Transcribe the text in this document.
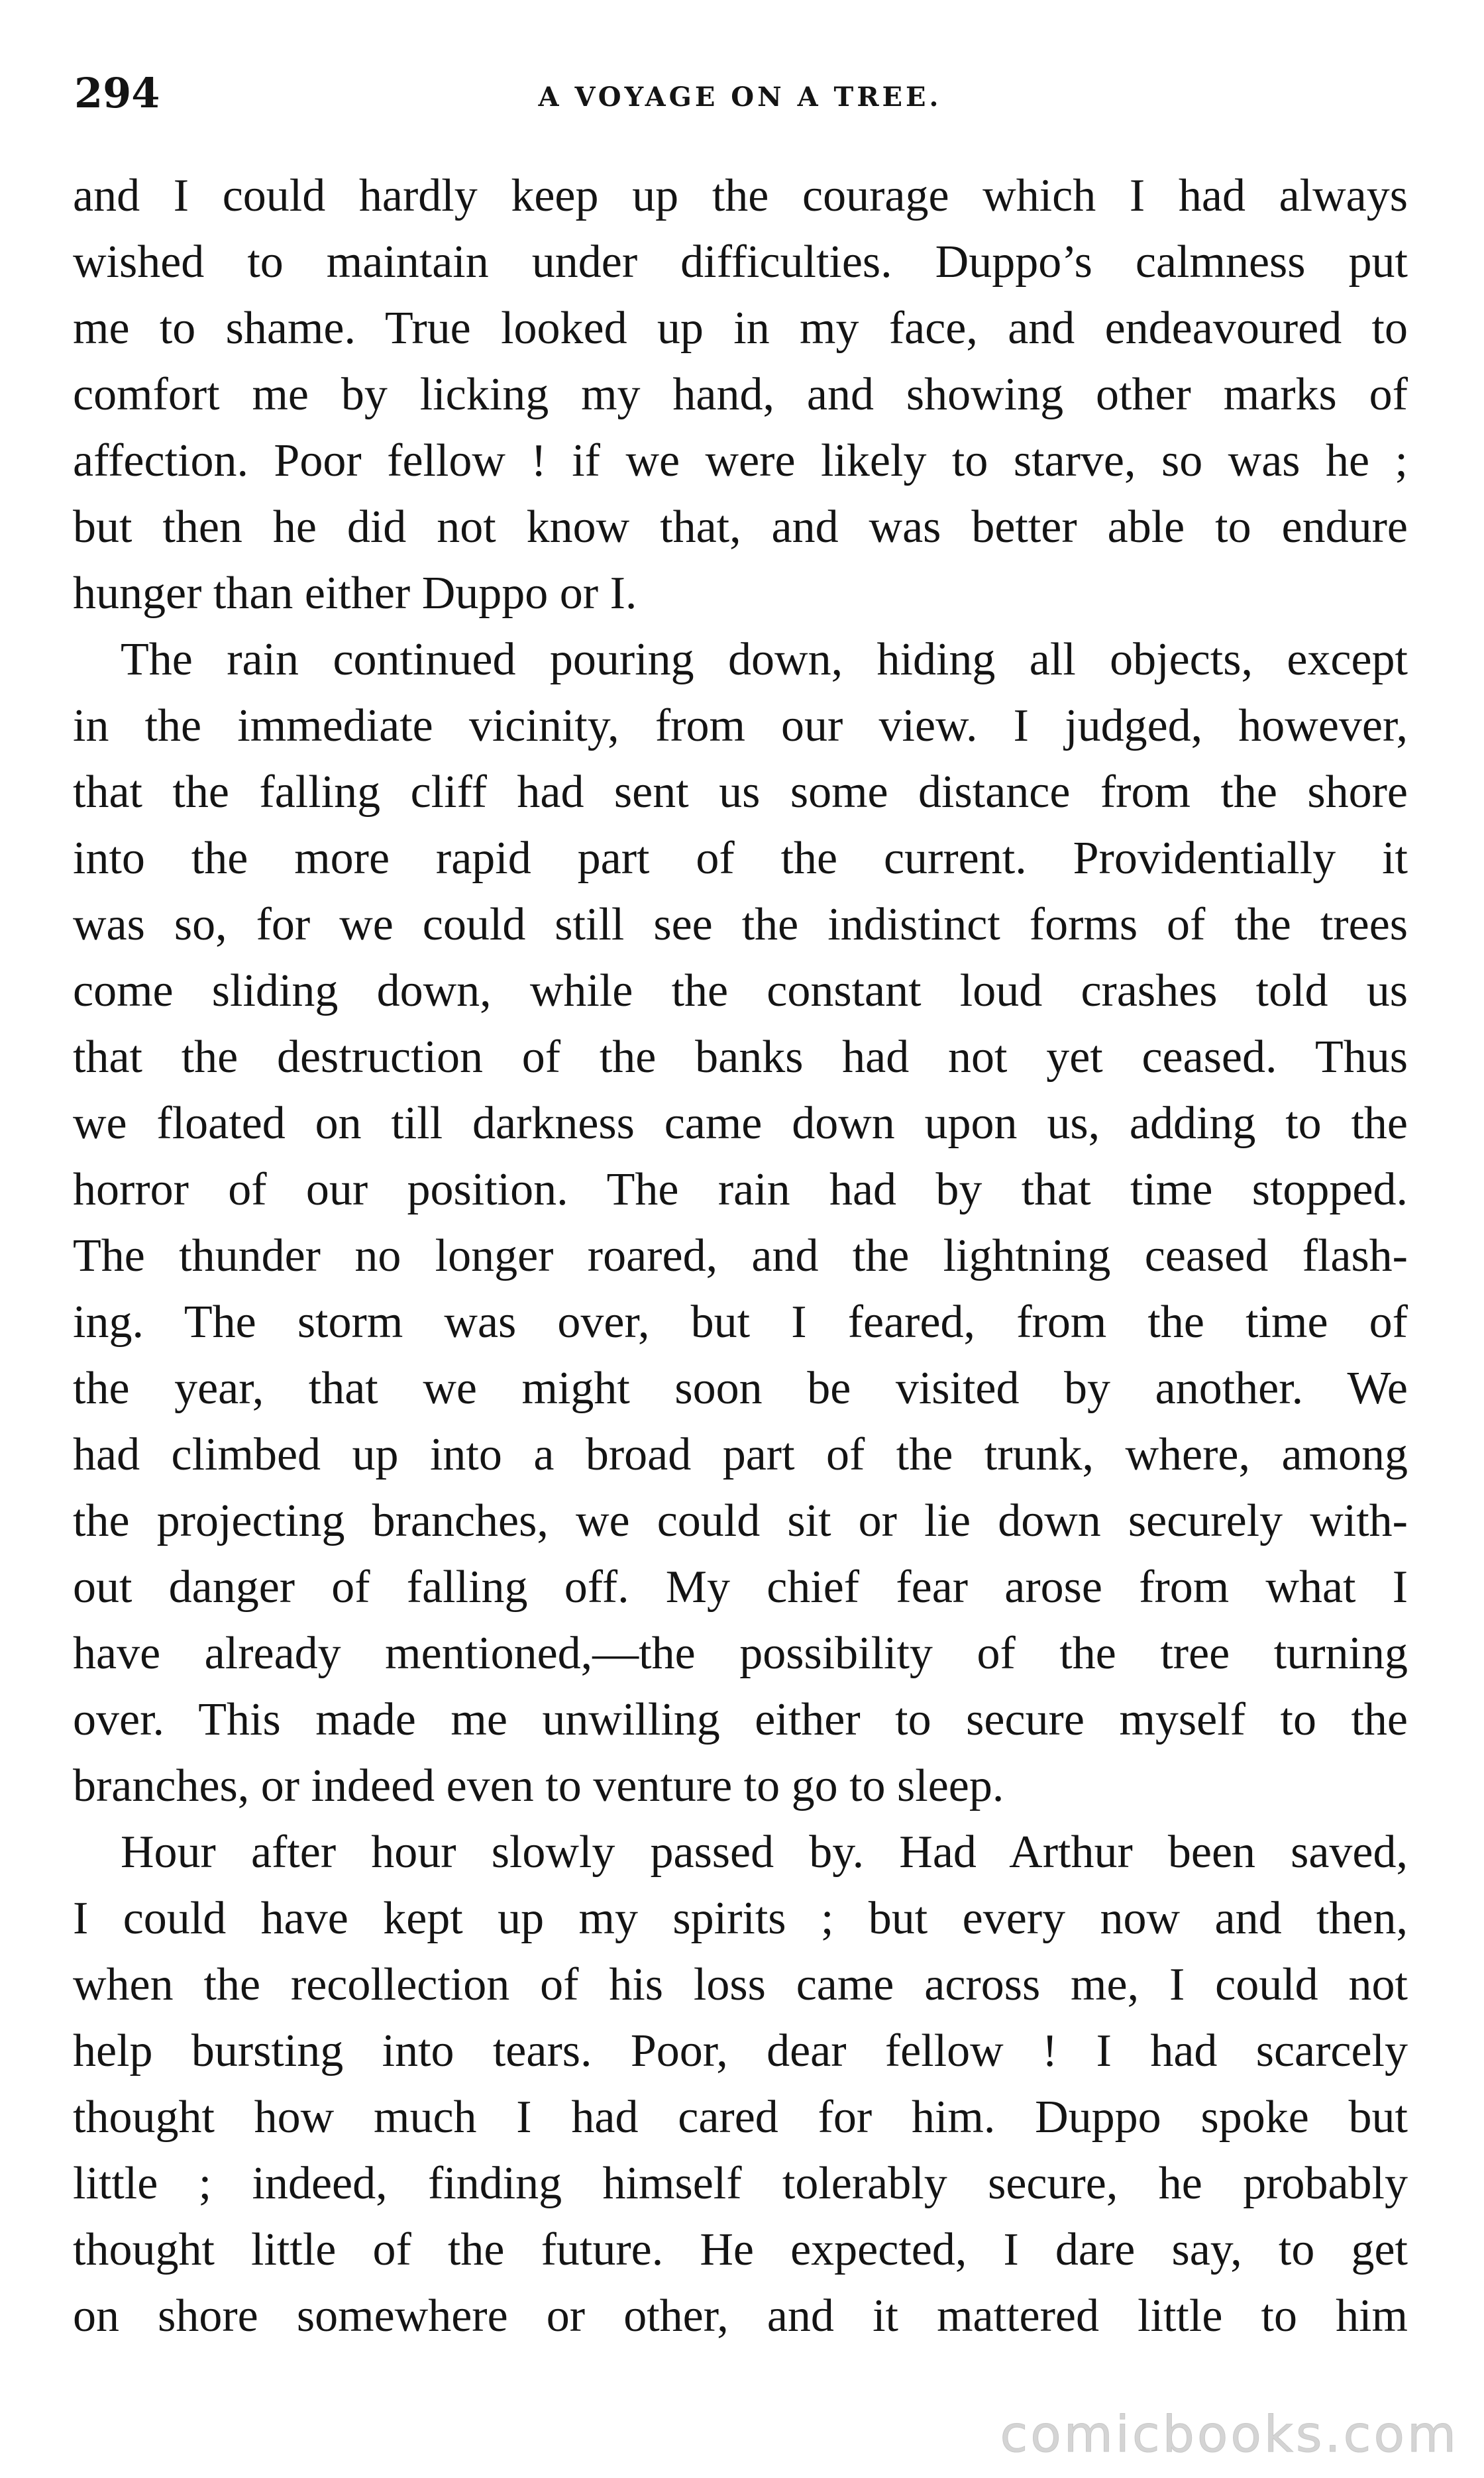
294	A VOYAGE ON A TREE.
and I could hardly keep up the courage which I had always
wished to maintain under difficulties. Duppo’s calmness put
me to shame. True looked up in my face, and endeavoured to
comfort me by licking my hand, and showing other marks of
affection. Poor fellow ! if we were likely to starve, so was he ;
but then he did not know that, and was better able to endure
hunger than either Duppo or I.
The rain continued pouring down, hiding all objects, except
in the immediate vicinity, from our view. I judged, however,
that the falling cliff had sent us some distance from the shore
into the more rapid part of the current. Providentially it
was so, for we could still see the indistinct forms of the trees
come sliding down, while the constant loud crashes told us
that the destruction of the banks had not yet ceased. Thus
we floated on till darkness came down upon us, adding to the
horror of our position. The rain had by that time stopped.
The thunder no longer roared, and the lightning ceased flash-
ing. The storm was over, but I feared, from the time of
the year, that we might soon be visited by another. We
had climbed up into a broad part of the trunk, where, among
the projecting branches, we could sit or lie down securely with-
out danger of falling off. My chief fear arose from what I
have already mentioned,—the possibility of the tree turning
over. This made me unwilling either to secure myself to the
branches, or indeed even to venture to go to sleep.
Hour after hour slowly passed by. Had Arthur been saved,
I could have kept up my spirits ; but every now and then,
when the recollection of his loss came across me, I could not
help bursting into tears. Poor, dear fellow ! I had scarcely
thought how much I had cared for him. Duppo spoke but
little ; indeed, finding himself tolerably secure, he probably
thought little of the future. He expected, I dare say, to get
on shore somewhere or other, and it mattered little to him
comicbooks.com
